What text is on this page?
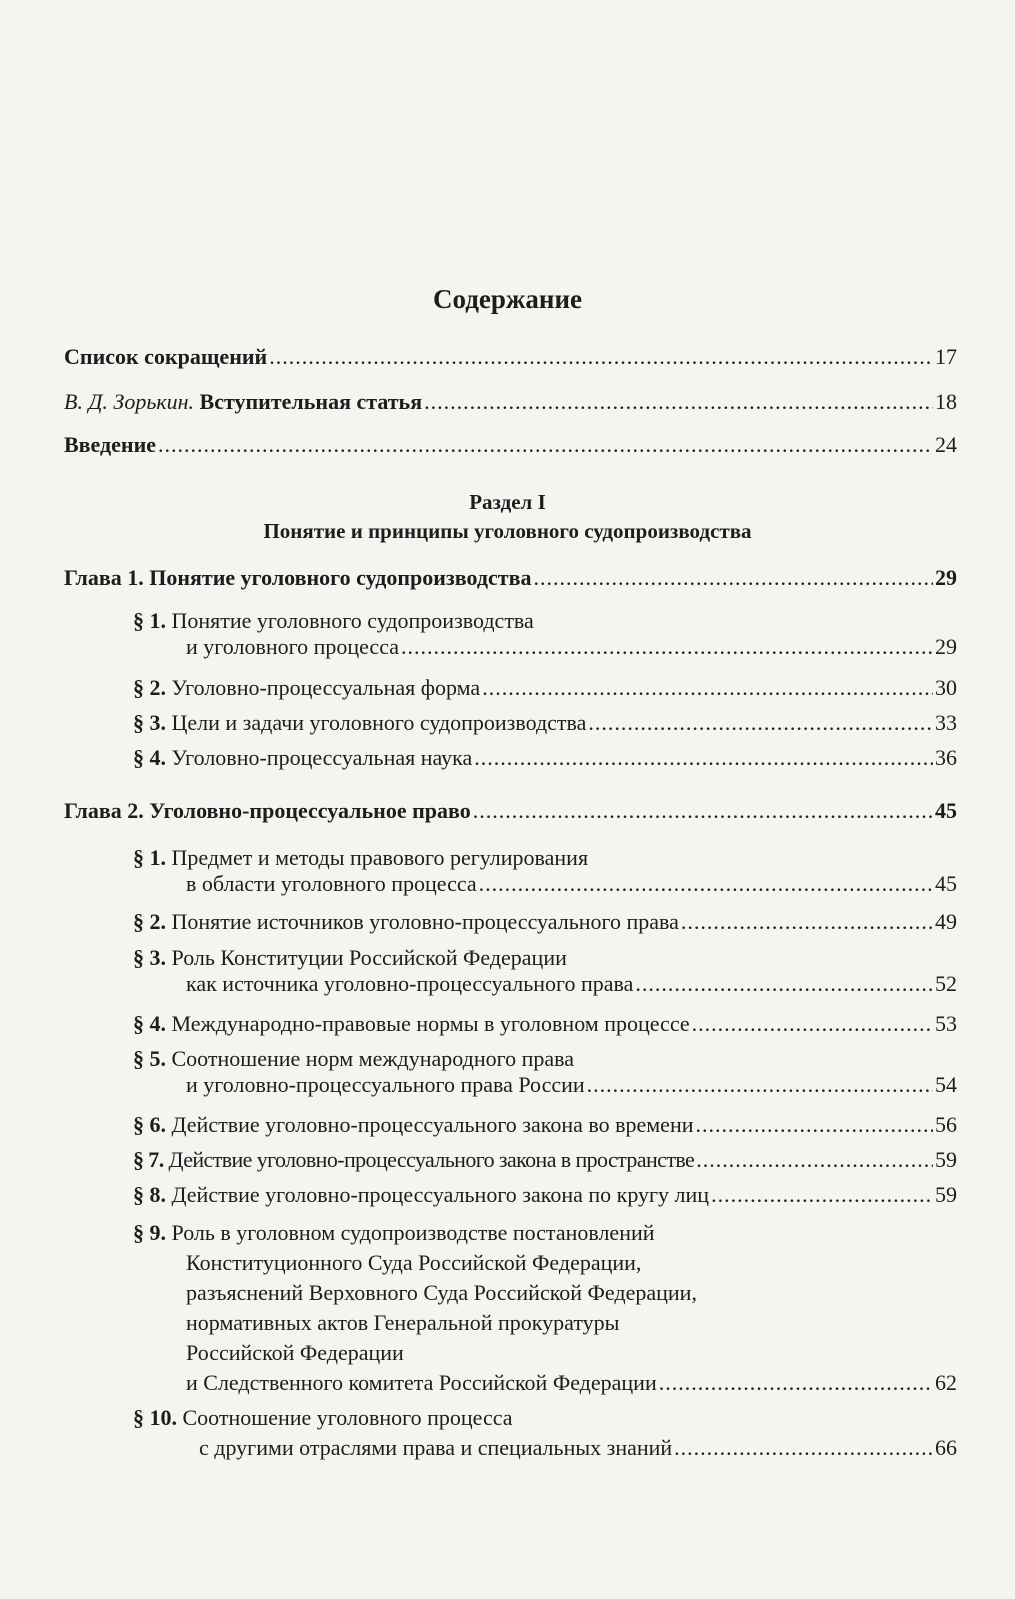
Содержание
Список сокращений .....	17
В. Д. Зорькин. Вступительная статья .....	18
Введение .....	24
Раздел I
Понятие и принципы уголовного судопроизводства
Глава 1. Понятие уголовного судопроизводства .....	29
§ 1. Понятие уголовного судопроизводства
и уголовного процесса .....	29
§ 2. Уголовно-процессуальная форма .....	30
§ 3. Цели и задачи уголовного судопроизводства .....	33
§ 4. Уголовно-процессуальная наука .....	36
Глава 2. Уголовно-процессуальное право .....	45
§ 1. Предмет и методы правового регулирования
в области уголовного процесса .....	45
§ 2. Понятие источников уголовно-процессуального права .....	49
§ 3. Роль Конституции Российской Федерации
как источника уголовно-процессуального права .....	52
§ 4. Международно-правовые нормы в уголовном процессе .....	53
§ 5. Соотношение норм международного права
и уголовно-процессуального права России .....	54
§ 6. Действие уголовно-процессуального закона во времени .....	56
§ 7. Действие уголовно-процессуального закона в пространстве .....	59
§ 8. Действие уголовно-процессуального закона по кругу лиц .....	59
§ 9. Роль в уголовном судопроизводстве постановлений
Конституционного Суда Российской Федерации,
разъяснений Верховного Суда Российской Федерации,
нормативных актов Генеральной прокуратуры
Российской Федерации
и Следственного комитета Российской Федерации .....	62
§ 10. Соотношение уголовного процесса
с другими отраслями права и специальных знаний .....	66
